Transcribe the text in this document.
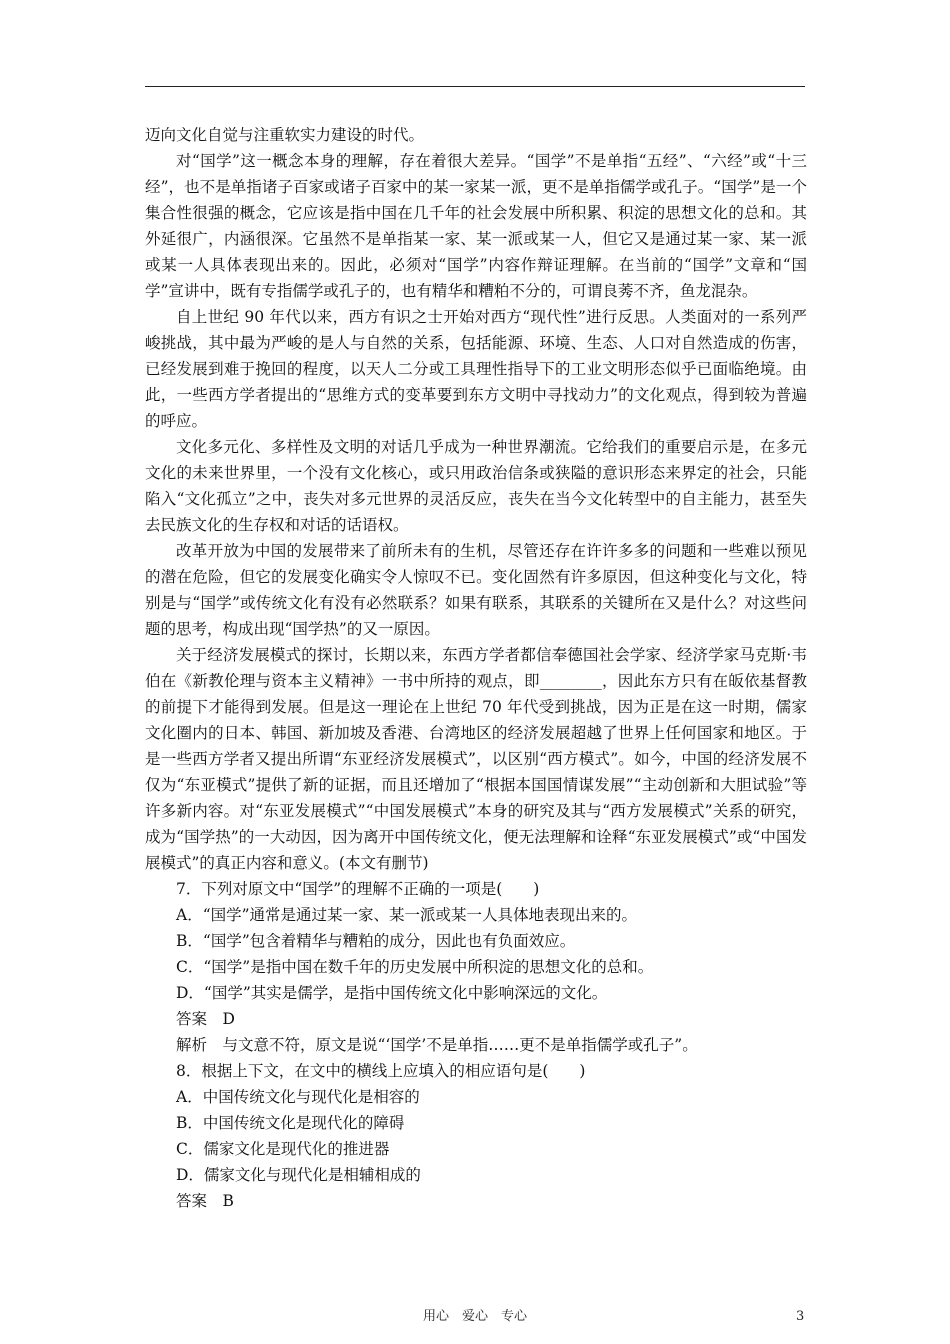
迈向文化自觉与注重软实力建设的时代。

对“国学”这一概念本身的理解，存在着很大差异。“国学”不是单指“五经”、“六经”或“十三经”，也不是单指诸子百家或诸子百家中的某一家某一派，更不是单指儒学或孔子。“国学”是一个集合性很强的概念，它应该是指中国在几千年的社会发展中所积累、积淀的思想文化的总和。其外延很广，内涵很深。它虽然不是单指某一家、某一派或某一人，但它又是通过某一家、某一派或某一人具体表现出来的。因此，必须对“国学”内容作辩证理解。在当前的“国学”文章和“国学”宣讲中，既有专指儒学或孔子的，也有精华和糟粕不分的，可谓良莠不齐，鱼龙混杂。

自上世纪 90 年代以来，西方有识之士开始对西方“现代性”进行反思。人类面对的一系列严峻挑战，其中最为严峻的是人与自然的关系，包括能源、环境、生态、人口对自然造成的伤害，已经发展到难于挽回的程度，以天人二分或工具理性指导下的工业文明形态似乎已面临绝境。由此，一些西方学者提出的“思维方式的变革要到东方文明中寻找动力”的文化观点，得到较为普遍的呼应。

文化多元化、多样性及文明的对话几乎成为一种世界潮流。它给我们的重要启示是，在多元文化的未来世界里，一个没有文化核心，或只用政治信条或狭隘的意识形态来界定的社会，只能陷入“文化孤立”之中，丧失对多元世界的灵活反应，丧失在当今文化转型中的自主能力，甚至失去民族文化的生存权和对话的话语权。

改革开放为中国的发展带来了前所未有的生机，尽管还存在许许多多的问题和一些难以预见的潜在危险，但它的发展变化确实令人惊叹不已。变化固然有许多原因，但这种变化与文化，特别是与“国学”或传统文化有没有必然联系？如果有联系，其联系的关键所在又是什么？对这些问题的思考，构成出现“国学热”的又一原因。

关于经济发展模式的探讨，长期以来，东西方学者都信奉德国社会学家、经济学家马克斯·韦伯在《新教伦理与资本主义精神》一书中所持的观点，即________，因此东方只有在皈依基督教的前提下才能得到发展。但是这一理论在上世纪 70 年代受到挑战，因为正是在这一时期，儒家文化圈内的日本、韩国、新加坡及香港、台湾地区的经济发展超越了世界上任何国家和地区。于是一些西方学者又提出所谓“东亚经济发展模式”，以区别“西方模式”。如今，中国的经济发展不仅为“东亚模式”提供了新的证据，而且还增加了“根据本国国情谋发展”“主动创新和大胆试验”等许多新内容。对“东亚发展模式”“中国发展模式”本身的研究及其与“西方发展模式”关系的研究，成为“国学热”的一大动因，因为离开中国传统文化，便无法理解和诠释“东亚发展模式”或“中国发展模式”的真正内容和意义。(本文有删节)

7．下列对原文中“国学”的理解不正确的一项是(　　)

A．“国学”通常是通过某一家、某一派或某一人具体地表现出来的。

B．“国学”包含着精华与糟粕的成分，因此也有负面效应。

C．“国学”是指中国在数千年的历史发展中所积淀的思想文化的总和。

D．“国学”其实是儒学，是指中国传统文化中影响深远的文化。

答案　D

解析　与文意不符，原文是说“‘国学’不是单指……更不是单指儒学或孔子”。

8．根据上下文，在文中的横线上应填入的相应语句是(　　)

A．中国传统文化与现代化是相容的

B．中国传统文化是现代化的障碍

C．儒家文化是现代化的推进器

D．儒家文化与现代化是相辅相成的

答案　B

用心　爱心　专心	3
